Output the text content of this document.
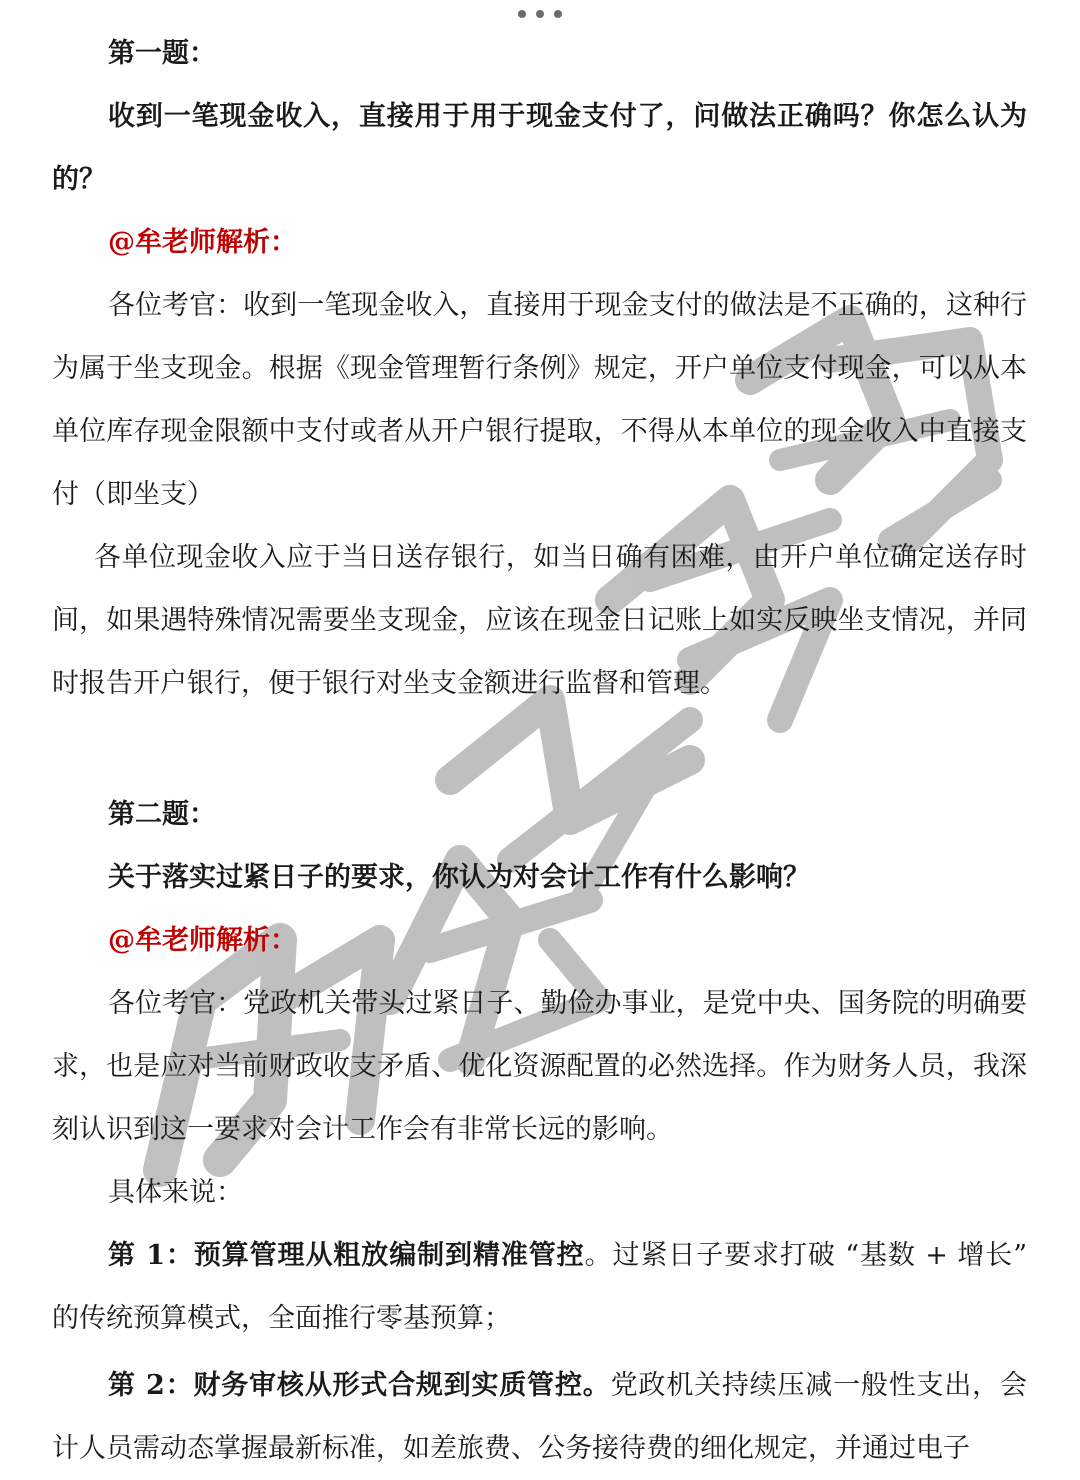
第一题：

收到一笔现金收入，直接用于用于现金支付了，问做法正确吗？你怎么认为的？

@牟老师解析：

各位考官：收到一笔现金收入，直接用于现金支付的做法是不正确的，这种行为属于坐支现金。根据《现金管理暂行条例》规定，开户单位支付现金，可以从本单位库存现金限额中支付或者从开户银行提取，不得从本单位的现金收入中直接支付（即坐支）

各单位现金收入应于当日送存银行，如当日确有困难，由开户单位确定送存时间，如果遇特殊情况需要坐支现金，应该在现金日记账上如实反映坐支情况，并同时报告开户银行，便于银行对坐支金额进行监督和管理。

第二题：

关于落实过紧日子的要求，你认为对会计工作有什么影响？

@牟老师解析：

各位考官：党政机关带头过紧日子、勤俭办事业，是党中央、国务院的明确要求，也是应对当前财政收支矛盾、优化资源配置的必然选择。作为财务人员，我深刻认识到这一要求对会计工作会有非常长远的影响。

具体来说：

第 1：预算管理从粗放编制到精准管控。过紧日子要求打破 “基数 + 增长” 的传统预算模式，全面推行零基预算；

第 2：财务审核从形式合规到实质管控。党政机关持续压减一般性支出，会计人员需动态掌握最新标准，如差旅费、公务接待费的细化规定，并通过电子
